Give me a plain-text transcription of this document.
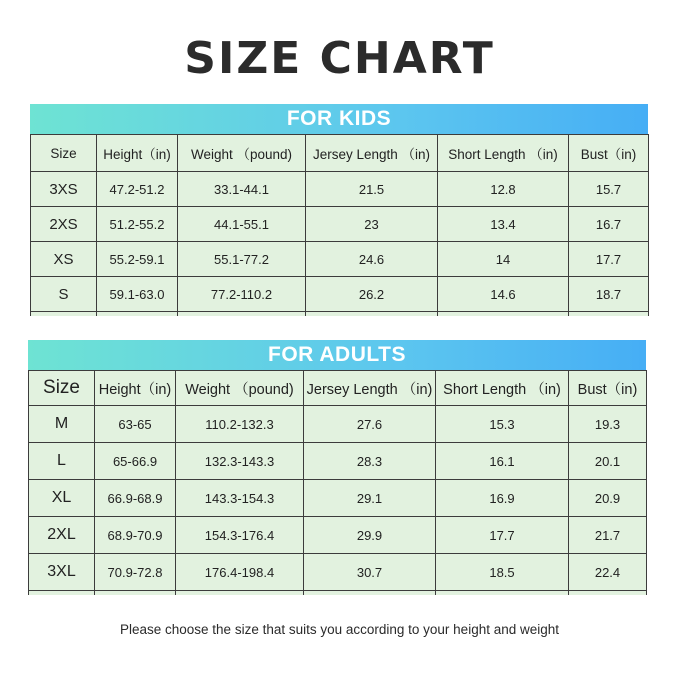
SIZE CHART
FOR KIDS
Size	Height（in)	Weight （pound)	Jersey Length （in)	Short Length （in)	Bust（in)
3XS	47.2-51.2	33.1-44.1	21.5	12.8	15.7
2XS	51.2-55.2	44.1-55.1	23	13.4	16.7
XS	55.2-59.1	55.1-77.2	24.6	14	17.7
S	59.1-63.0	77.2-110.2	26.2	14.6	18.7

FOR ADULTS
Size	Height（in)	Weight （pound)	Jersey Length （in)	Short Length （in)	Bust（in)
M	63-65	110.2-132.3	27.6	15.3	19.3
L	65-66.9	132.3-143.3	28.3	16.1	20.1
XL	66.9-68.9	143.3-154.3	29.1	16.9	20.9
2XL	68.9-70.9	154.3-176.4	29.9	17.7	21.7
3XL	70.9-72.8	176.4-198.4	30.7	18.5	22.4

Please choose the size that suits you according to your height and weight
